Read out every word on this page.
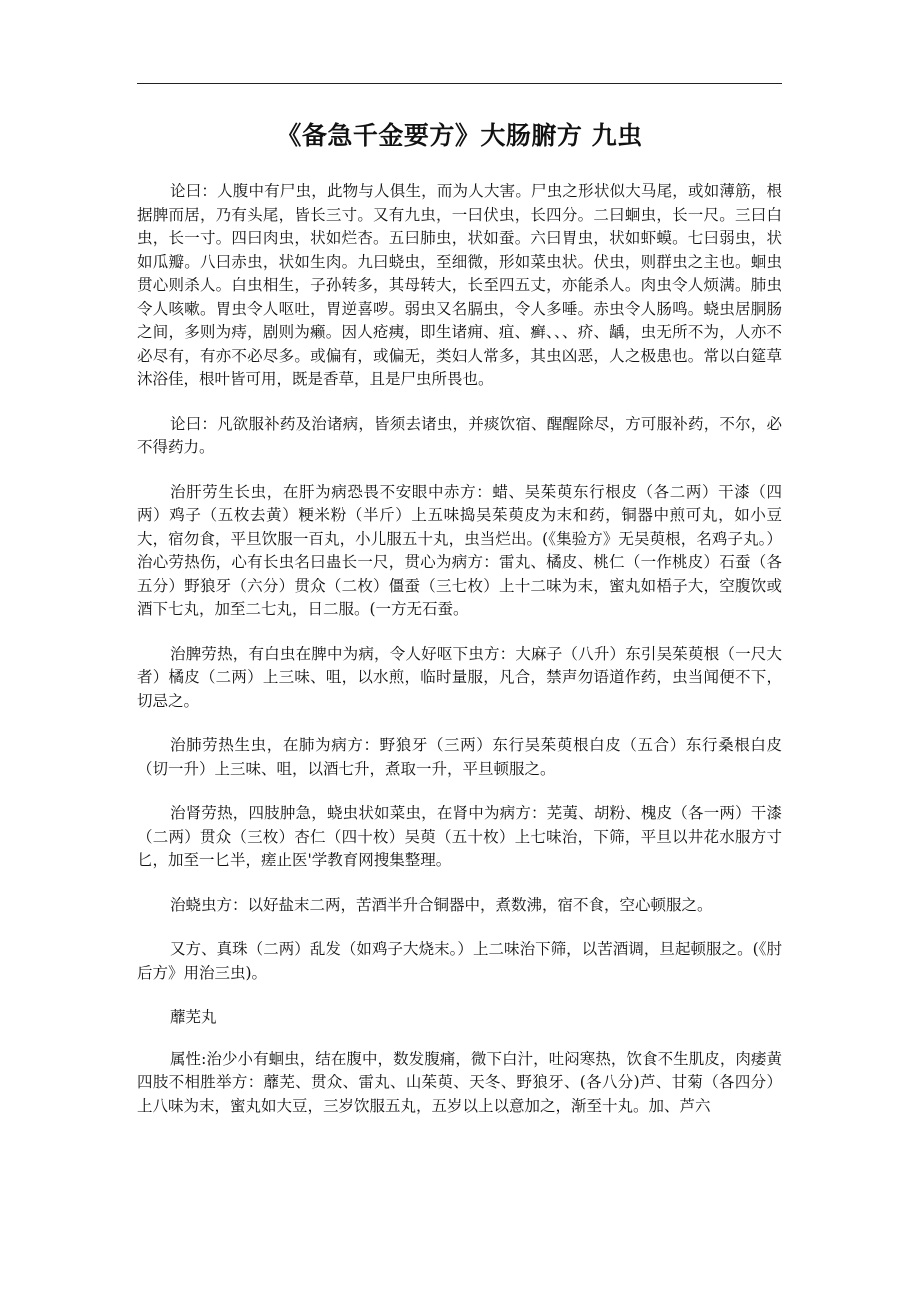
《备急千金要方》大肠腑方 九虫

论曰：人腹中有尸虫，此物与人俱生，而为人大害。尸虫之形状似大马尾，或如薄筋，根据脾而居，乃有头尾，皆长三寸。又有九虫，一曰伏虫，长四分。二曰蛔虫，长一尺。三曰白虫，长一寸。四曰肉虫，状如烂杏。五曰肺虫，状如蚕。六曰胃虫，状如虾蟆。七曰弱虫，状如瓜瓣。八曰赤虫，状如生肉。九曰蛲虫，至细微，形如菜虫状。伏虫，则群虫之主也。蛔虫贯心则杀人。白虫相生，子孙转多，其母转大，长至四五丈，亦能杀人。肉虫令人烦满。肺虫令人咳嗽。胃虫令人呕吐，胃逆喜哕。弱虫又名膈虫，令人多唾。赤虫令人肠鸣。蛲虫居胴肠之间，多则为痔，剧则为癞。因人疮痍，即生诸痈、疽、癣、、、疥、龋，虫无所不为，人亦不必尽有，有亦不必尽多。或偏有，或偏无，类妇人常多，其虫凶恶，人之极患也。常以白筵草沐浴佳，根叶皆可用，既是香草，且是尸虫所畏也。

论曰：凡欲服补药及治诸病，皆须去诸虫，并痰饮宿、醒醒除尽，方可服补药，不尔，必不得药力。

治肝劳生长虫，在肝为病恐畏不安眼中赤方：蜡、吴茱萸东行根皮（各二两）干漆（四两）鸡子（五枚去黄）粳米粉（半斤）上五味捣吴茱萸皮为末和药，铜器中煎可丸，如小豆大，宿勿食，平旦饮服一百丸，小儿服五十丸，虫当烂出。(《集验方》无吴萸根，名鸡子丸。）治心劳热伤，心有长虫名曰蛊长一尺，贯心为病方：雷丸、橘皮、桃仁（一作桃皮）石蚕（各五分）野狼牙（六分）贯众（二枚）僵蚕（三七枚）上十二味为末，蜜丸如梧子大，空腹饮或酒下七丸，加至二七丸，日二服。(一方无石蚕。

治脾劳热，有白虫在脾中为病，令人好呕下虫方：大麻子（八升）东引吴茱萸根（一尺大者）橘皮（二两）上三味、咀，以水煎，临时量服，凡合，禁声勿语道作药，虫当闻便不下，切忌之。

治肺劳热生虫，在肺为病方：野狼牙（三两）东行吴茱萸根白皮（五合）东行桑根白皮（切一升）上三味、咀，以酒七升，煮取一升，平旦顿服之。

治肾劳热，四肢肿急，蛲虫状如菜虫，在肾中为病方：芜荑、胡粉、槐皮（各一两）干漆（二两）贯众（三枚）杏仁（四十枚）吴萸（五十枚）上七味治，下筛，平旦以井花水服方寸匕，加至一匕半，瘥止医'学教育网搜集整理。

治蛲虫方：以好盐末二两，苦酒半升合铜器中，煮数沸，宿不食，空心顿服之。

又方、真珠（二两）乱发（如鸡子大烧末。）上二味治下筛，以苦酒调，旦起顿服之。(《肘后方》用治三虫)。

蘼芜丸

属性:治少小有蛔虫，结在腹中，数发腹痛，微下白汁，吐闷寒热，饮食不生肌皮，肉痿黄四肢不相胜举方：蘼芜、贯众、雷丸、山茱萸、天冬、野狼牙、(各八分)芦、甘菊（各四分）上八味为末，蜜丸如大豆，三岁饮服五丸，五岁以上以意加之，渐至十丸。加、芦六
